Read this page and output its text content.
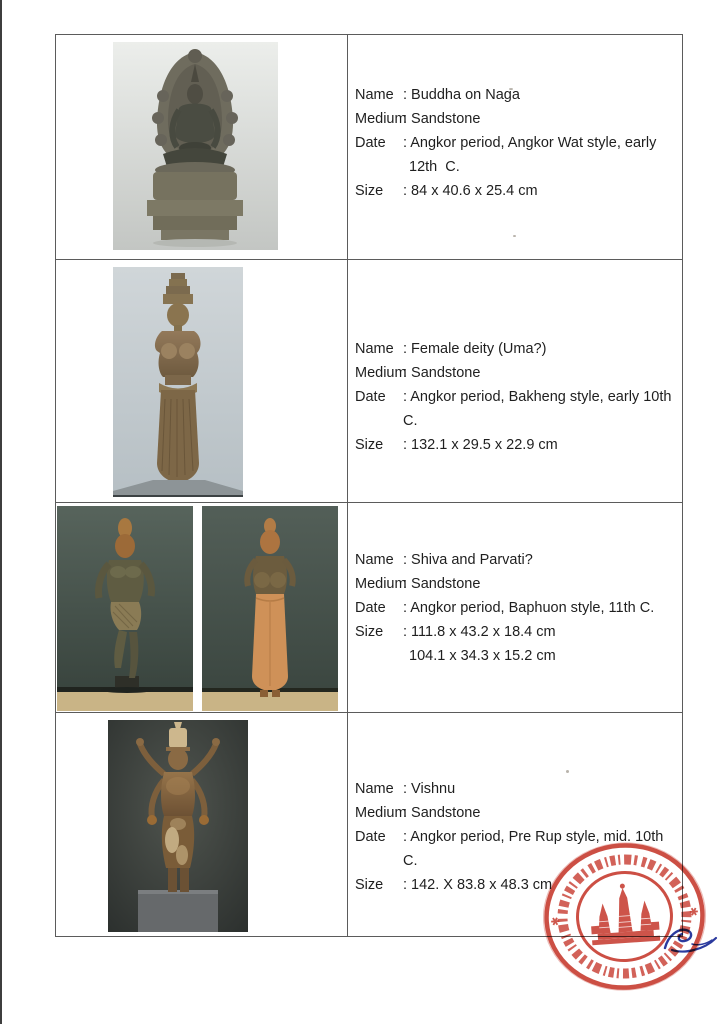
Name : Buddha on Naga
Medium
: Sandstone
Date	: Angkor period, Angkor Wat style, early
12th  C.
Size	: 84 x 40.6 x 25.4 cm
Name : Female deity (Uma?)
Medium
: Sandstone
Date	: Angkor period, Bakheng style, early 10th C.
Size	: 132.1 x 29.5 x 22.9 cm
Name : Shiva and Parvati?
Medium
: Sandstone
Date	: Angkor period, Baphuon style, 11th C.
Size	: 111.8 x 43.2 x 18.4 cm
104.1 x 34.3 x 15.2 cm
Name : Vishnu
Medium
: Sandstone
Date	: Angkor period, Pre Rup style, mid. 10th C.
Size	: 142. X 83.8 x 48.3 cm
